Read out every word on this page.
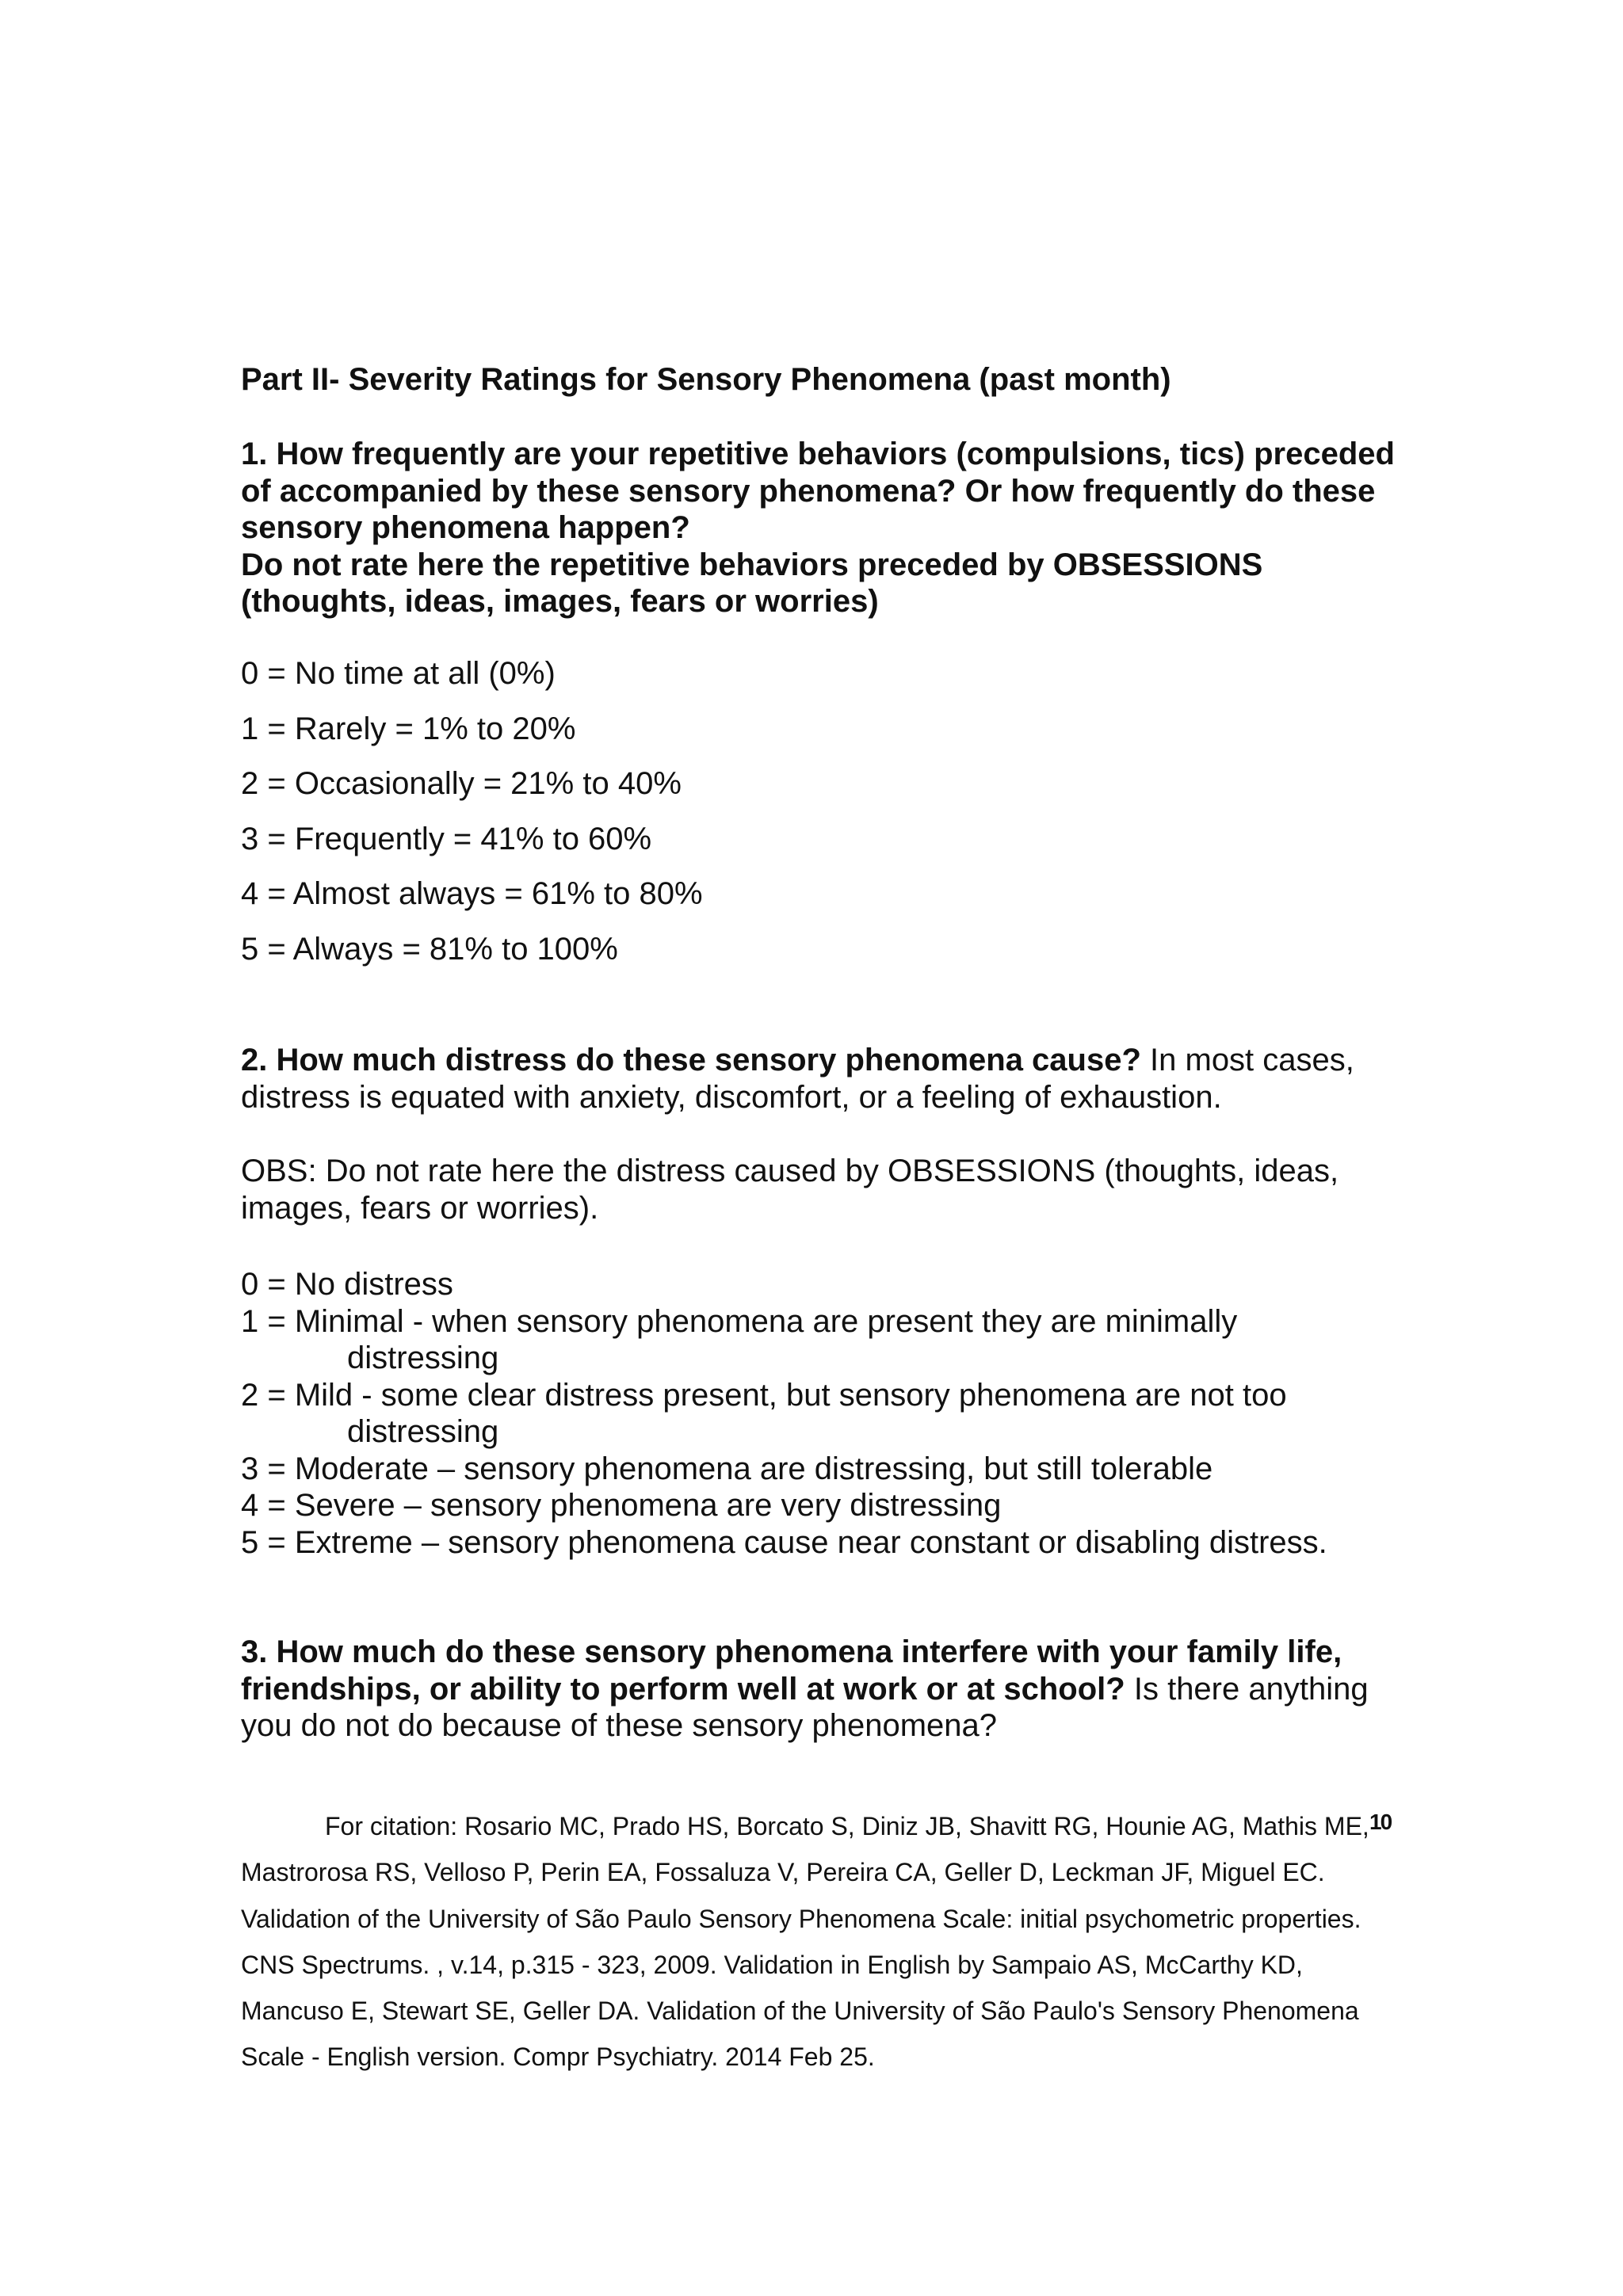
Part II- Severity Ratings for Sensory Phenomena (past month)

1. How frequently are your repetitive behaviors (compulsions, tics) preceded of accompanied by these sensory phenomena? Or how frequently do these sensory phenomena happen?

Do not rate here the repetitive behaviors preceded by OBSESSIONS (thoughts, ideas, images, fears or worries)

0 = No time at all (0%)
1 = Rarely = 1% to 20%
2 = Occasionally = 21% to 40%
3 = Frequently = 41% to 60%
4 = Almost always = 61% to 80%
5 = Always = 81% to 100%
2. How much distress do these sensory phenomena cause? In most cases, distress is equated with anxiety, discomfort, or a feeling of exhaustion.
OBS: Do not rate here the distress caused by OBSESSIONS (thoughts, ideas, images, fears or worries).
0 = No distress
1 = Minimal - when sensory phenomena are present they are minimally
distressing
2 = Mild - some clear distress present, but sensory phenomena are not too
distressing
3 = Moderate – sensory phenomena are distressing, but still tolerable
4 = Severe – sensory phenomena are very distressing
5 = Extreme – sensory phenomena cause near constant or disabling distress.
3. How much do these sensory phenomena interfere with your family life, friendships, or ability to perform well at work or at school? Is there anything you do not do because of these sensory phenomena?
For citation: Rosario MC, Prado HS, Borcato S, Diniz JB, Shavitt RG, Hounie AG, Mathis ME, Mastrorosa RS, Velloso P, Perin EA, Fossaluza V, Pereira CA, Geller D, Leckman JF, Miguel EC. Validation of the University of São Paulo Sensory Phenomena Scale: initial psychometric properties. CNS Spectrums. , v.14, p.315 - 323, 2009. Validation in English by Sampaio AS, McCarthy KD, Mancuso E, Stewart SE, Geller DA. Validation of the University of São Paulo's Sensory Phenomena Scale - English version. Compr Psychiatry. 2014 Feb 25.
10
